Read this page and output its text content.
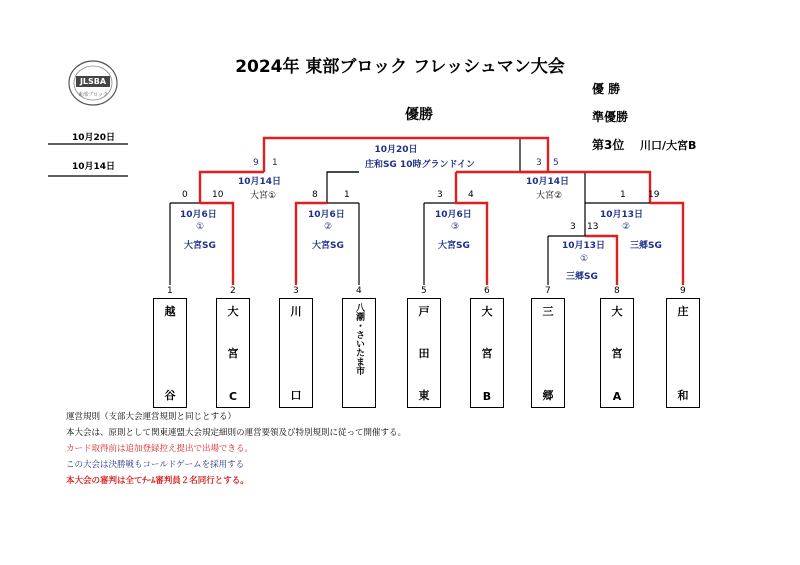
JLSBA
東部ブロック
2024年 東部ブロック フレッシュマン大会
優 勝
準優勝
第3位 川口/大宮B
優勝
10月20日
10月14日
10月20日
庄和SG 10時グランドイン
9 1
10月14日
大宮①
3 5
10月14日
大宮②
0	10
10月6日
①
大宮SG
8	1
10月6日
②
大宮SG
3	4
10月6日
③
大宮SG
1 19
10月13日
②
三郷SG
3 13
10月13日
①
三郷SG
1	2	3	4	5	6	7	8	9
越
谷
大
宮
C
川
口
八潮・さいたま市	戸
田
東
大
宮
B
三
郷
大
宮
A
庄
和
運営規則（支部大会運営規則と同じとする）
本大会は、原則として関東連盟大会規定細則の運営要領及び特別規則に従って開催する。
カード取得前は追加登録控え提出で出場できる。
この大会は決勝戦もコールドゲームを採用する
本大会の審判は全てﾁｰﾑ審判員２名同行とする。
